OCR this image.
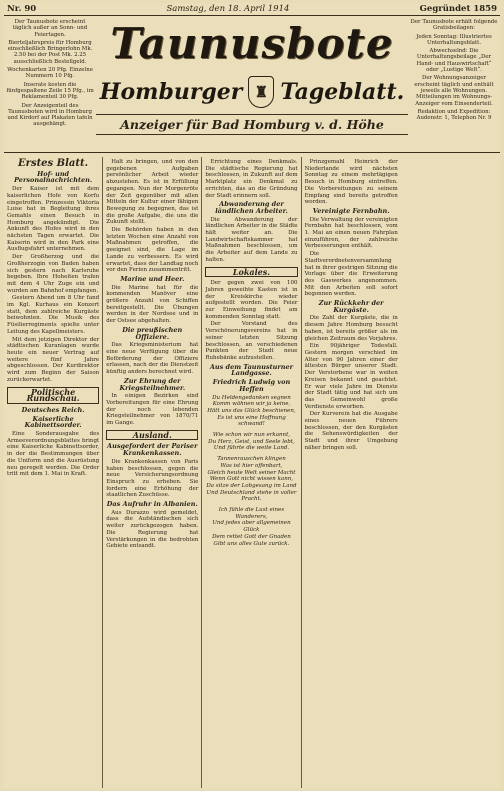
Nr. 90	Samstag, den 18. April 1914	Gegründet 1859

Der Taunusbote erscheint täglich außer an Sonn- und Feiertagen.

Bierteljahrspreis für Homburg einschließlich Bringerlohn Mk. 2.50 bei der Post Mk. 2.25 ausschließlich Bestellgeld.

Wochenkarten 20 Pfg. Einzelne Nummern 10 Pfg.

Inserate kosten die fünfgespaltene Zeile 15 Pfg., im Reklamenteil 30 Pfg.

Der Anzeigenteil des Taunusboten wird in Homburg und Kirdorf auf Plakaten tafeln ausgehängt.

Taunusbote
Homburger ♜ Tageblatt.
Anzeiger für Bad Homburg v. d. Höhe

Der Taunusbote erhält folgende Gratisbeilagen:

Jeden Sonntag: Illustriertes Unterhaltungsblatt.

Abwechselnd: Die Unterhaltungsbeilage „Der Hand- und Hauswirtschaft“ oder „Lustige Welt“.

Der Wohnungsanzeiger erscheint täglich und enthält jeweils alle Wohnungen. Mitteilungen im Wohnungs-Anzeiger vom Einsenderteil.

Redaktion und Expedition: Audenstr. 1, Telephon Nr. 9

Erstes Blatt.
Hof- und Personalnachrichten.

Der Kaiser ist mit dem kaiserlichen Hofe von Korfu eingetroffen. Prinzessin Viktoria Luise hat in Begleitung ihres Gemahls einen Besuch in Homburg angekündigt. Die Ankunft des Hofes wird in den nächsten Tagen erwartet. Die Kaiserin wird in den Park eine Ausflugsfahrt unternehmen.

Der Großherzog und die Großherzogin von Baden haben sich gestern nach Karlsruhe begeben. Ihre Hoheiten trafen mit dem 4 Uhr Zuge ein und wurden am Bahnhof empfangen.

Gestern Abend um 8 Uhr fand im Kgl. Kurhaus ein Konzert statt, dem zahlreiche Kurgäste beiwohnten. Die Musik des Füsilierregiments spielte unter Leitung des Kapellmeisters.

Mit dem jetzigen Direktor der städtischen Kuranlagen wurde heute ein neuer Vertrag auf weitere fünf Jahre abgeschlossen. Der Kurdirektor wird zum Beginn der Saison zurückerwartet.

Politische Rundschau.
Deutsches Reich.
Kaiserliche Kabinettsorder.

Eine Sonderausgabe des Armeeverordnungsblattes bringt eine Kaiserliche Kabinettsorder, in der die Bestimmungen über die Uniform und die Ausrüstung neu geregelt werden. Die Order tritt mit dem 1. Mai in Kraft.

Halt zu bringen, und von den gegebenen Aufgaben persönlicher Arbeit wieder abzustehen. Es ist in Erfüllung gegangen. Nun der Morgenröte der Zeit gegenüber mit allen Mitteln der Kultur einer fähigen Bewegung zu begegnen, das ist die große Aufgabe, die uns die Zukunft stellt.

Die Behörden haben in den letzten Wochen eine Anzahl von Maßnahmen getroffen, die geeignet sind, die Lage im Lande zu verbessern. Es wird erwartet, dass der Landtag noch vor den Ferien zusammentritt.

Marine und Heer.

Die Marine hat für die kommenden Manöver eine größere Anzahl von Schiffen bereitgestellt. Die Übungen werden in der Nordsee und in der Ostsee abgehalten.

Die preußischen Offiziere.

Das Kriegsministerium hat eine neue Verfügung über die Beförderung der Offiziere erlassen, nach der die Dienstzeit künftig anders berechnet wird.

Zur Ehrung der Kriegsteilnehmer.

In einigen Bezirken sind Vorbereitungen für eine Ehrung der noch lebenden Kriegsteilnehmer von 1870/71 im Gange.

Ausland.
Ausgefordert der Pariser Krankenkassen.

Die Krankenkassen von Paris haben beschlossen, gegen die neue Versicherungsordnung Einspruch zu erheben. Sie fordern eine Erhöhung der staatlichen Zuschüsse.

Das Aufruhr in Albanien.

Aus Durazzo wird gemeldet, dass die Aufständischen sich weiter zurückgezogen haben. Die Regierung hat Verstärkungen in die bedrohten Gebiete entsandt.

Errichtung eines Denkmals. Die städtische Regierung hat beschlossen, in Zukunft auf dem Marktplatz ein Denkmal zu errichten, das an die Gründung der Stadt erinnern soll.

Abwanderung der ländlichen Arbeiter.

Die Abwanderung der ländlichen Arbeiter in die Städte hält weiter an. Die Landwirtschaftskammer hat Maßnahmen beschlossen, um die Arbeiter auf dem Lande zu halten.

Lokales.

Der gegen zwei von 100 Jahren geweihte Kasten ist in der Kreiskirche wieder aufgestellt worden. Die Feier zur Einweihung findet am kommenden Sonntag statt.

Der Vorstand des Verschönerungsvereins hat in seiner letzten Sitzung beschlossen, an verschiedenen Punkten der Stadt neue Ruhebänke aufzustellen.

Aus dem Taunusturner Landgasse.
Friedrich Ludwig von Heffen

Du Heldengedanken segnen

Komm wähnen wir ja keine,

Hätt uns das Glück beschienen,

Es ist uns eine Hoffnung schwand!

Wie schon wir nun erkannt,

Du Herz, Geist, und Seele lebt,

Und führte die weite Land.

Tannenrauschen klingen

Was ist hier offenbart,

Gleich heute Welt seiner Macht

Wenn Gott nicht wissen kann,

Da sitze der Lobgesang im Land

Und Deutschland stehe in voller Pracht.

Ich fühle die Lust eines Wanderers,

Und jedes aber allgemeinen Glück

Dem rettet Gott der Gnaden

Gibt uns alles Gute zurück.

Prinzgemahl Heinrich der Niederlande wird nächsten Sonntag zu einem mehrtägigen Besuch in Homburg eintreffen. Die Vorbereitungen zu seinem Empfang sind bereits getroffen worden.

Vereinigte Fernbahn.

Die Verwaltung der vereinigten Fernbahn hat beschlossen, vom 1. Mai an einen neuen Fahrplan einzuführen, der zahlreiche Verbesserungen enthält.

Die Stadtverordnetenversammlung hat in ihrer gestrigen Sitzung die Vorlage über die Erweiterung des Gaswerkes angenommen. Mit den Arbeiten soll sofort begonnen werden.

Zur Rückkehr der Kurgäste.

Die Zahl der Kurgäste, die in diesem Jahre Homburg besucht haben, ist bereits größer als im gleichen Zeitraum des Vorjahres.

Ein 90jähriger Todesfall. Gestern morgen verschied im Alter von 90 Jahren einer der ältesten Bürger unserer Stadt. Der Verstorbene war in weiten Kreisen bekannt und geachtet. Er war viele Jahre im Dienste der Stadt tätig und hat sich um das Gemeinwohl große Verdienste erworben.

Der Kurverein hat die Ausgabe eines neuen Führers beschlossen, der den Kurgästen die Sehenswürdigkeiten der Stadt und ihrer Umgebung näher bringen soll.
